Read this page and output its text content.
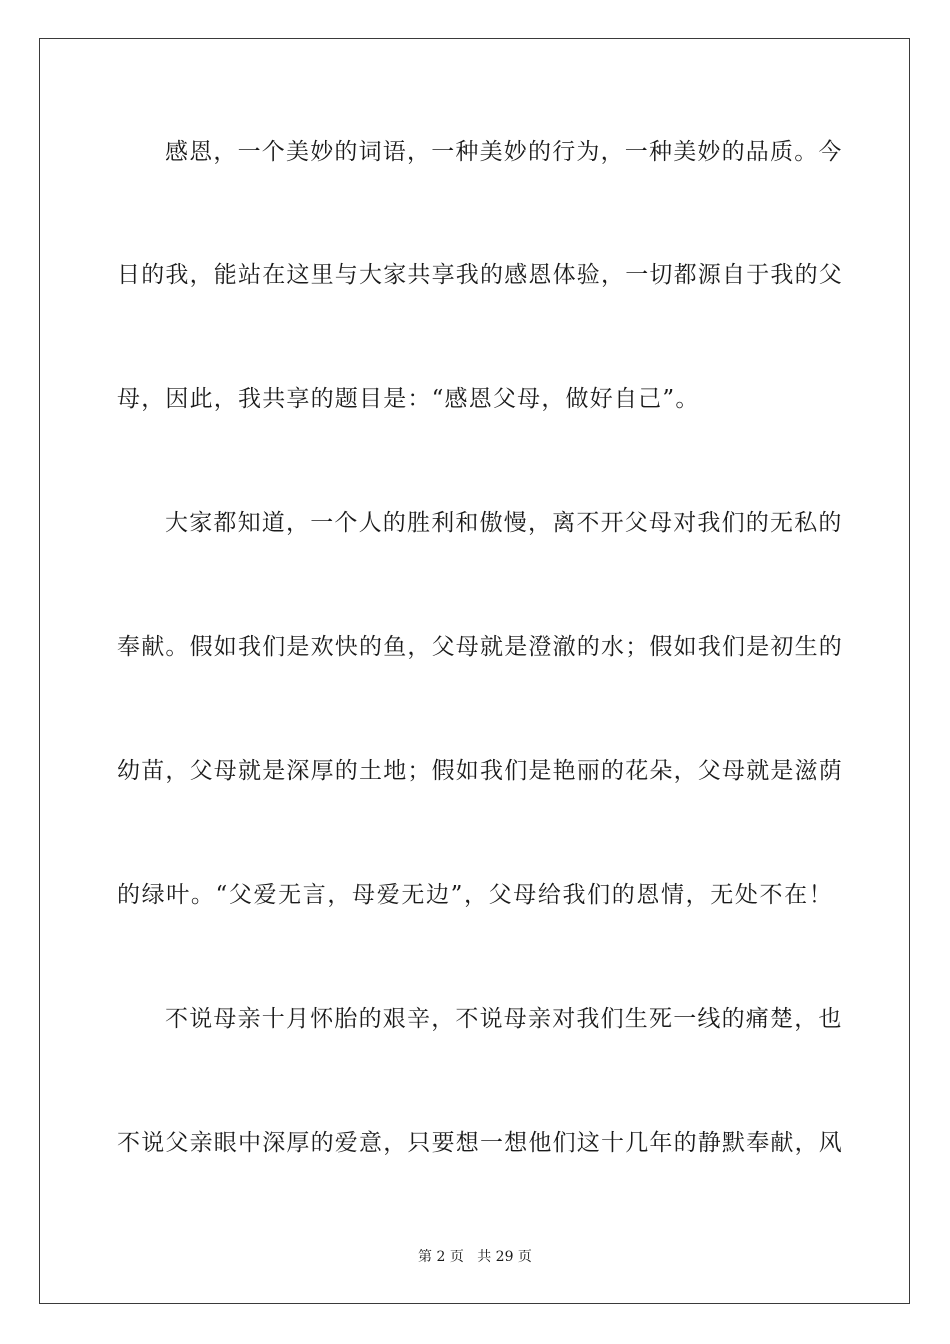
感恩，一个美妙的词语，一种美妙的行为，一种美妙的品质。今
日的我，能站在这里与大家共享我的感恩体验，一切都源自于我的父
母，因此，我共享的题目是：“感恩父母，做好自己”。
大家都知道，一个人的胜利和傲慢，离不开父母对我们的无私的
奉献。假如我们是欢快的鱼，父母就是澄澈的水；假如我们是初生的
幼苗，父母就是深厚的土地；假如我们是艳丽的花朵，父母就是滋荫
的绿叶。“父爱无言，母爱无边”，父母给我们的恩情，无处不在！
不说母亲十月怀胎的艰辛，不说母亲对我们生死一线的痛楚，也
不说父亲眼中深厚的爱意，只要想一想他们这十几年的静默奉献，风
第 2 页 共 29 页
